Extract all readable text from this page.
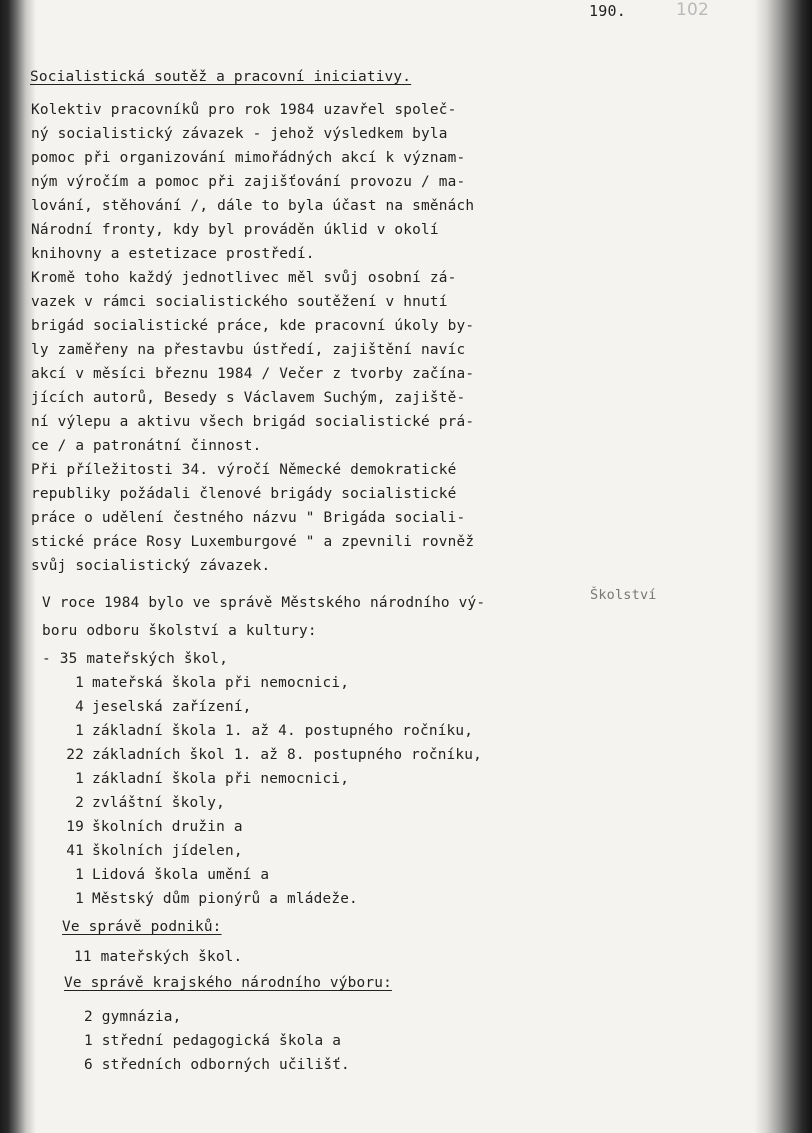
190.	102
Socialistická soutěž a pracovní iniciativy.
Kolektiv pracovníků pro rok 1984 uzavřel společ-
ný socialistický závazek - jehož výsledkem byla
pomoc při organizování mimořádných akcí k význam-
ným výročím a pomoc při zajišťování provozu / ma-
lování, stěhování /, dále to byla účast na směnách
Národní fronty, kdy byl prováděn úklid v okolí
knihovny a estetizace prostředí.
Kromě toho každý jednotlivec měl svůj osobní zá-
vazek v rámci socialistického soutěžení v hnutí
brigád socialistické práce, kde pracovní úkoly by-
ly zaměřeny na přestavbu ústředí, zajištění navíc
akcí v měsíci březnu 1984 / Večer z tvorby začína-
jících autorů, Besedy s Václavem Suchým, zajiště-
ní výlepu a aktivu všech brigád socialistické prá-
ce / a patronátní činnost.
Při příležitosti 34. výročí Německé demokratické
republiky požádali členové brigády socialistické
práce o udělení čestného názvu " Brigáda sociali-
stické práce Rosy Luxemburgové " a zpevnili rovněž
svůj socialistický závazek.
Školství
V roce 1984 bylo ve správě Městského národního vý-
boru odboru školství a kultury:
- 35 mateřských škol,
1 mateřská škola při nemocnici,
4 jeselská zařízení,
1 základní škola 1. až 4. postupného ročníku,
22 základních škol 1. až 8. postupného ročníku,
1 základní škola při nemocnici,
2 zvláštní školy,
19 školních družin a
41 školních jídelen,
1 Lidová škola umění a
1 Městský dům pionýrů a mládeže.
Ve správě podniků:
11 mateřských škol.
Ve správě krajského národního výboru:
2 gymnázia,
1 střední pedagogická škola a
6 středních odborných učilišť.
